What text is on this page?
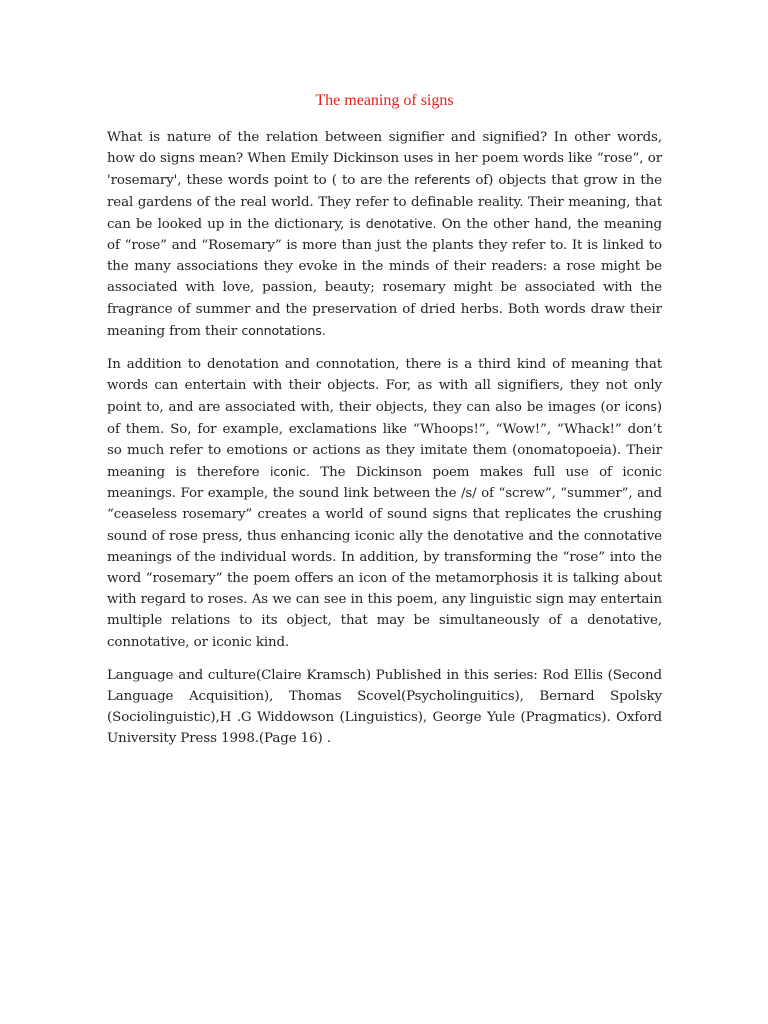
The meaning of signs

What is nature of the relation between signifier and signified? In other words, how do signs mean? When Emily Dickinson uses in her poem words like “rose”, or 'rosemary', these words point to ( to are the referents of) objects that grow in the real gardens of the real world. They refer to definable reality. Their meaning, that can be looked up in the dictionary, is denotative. On the other hand, the meaning of “rose” and “Rosemary” is more than just the plants they refer to. It is linked to the many associations they evoke in the minds of their readers: a rose might be associated with love, passion, beauty; rosemary might be associated with the fragrance of summer and the preservation of dried herbs. Both words draw their meaning from their connotations.

In addition to denotation and connotation, there is a third kind of meaning that words can entertain with their objects. For, as with all signifiers, they not only point to, and are associated with, their objects, they can also be images (or icons) of them. So, for example, exclamations like “Whoops!”, “Wow!”, “Whack!” don’t so much refer to emotions or actions as they imitate them (onomatopoeia). Their meaning is therefore iconic. The Dickinson poem makes full use of iconic meanings. For example, the sound link between the /s/ of “screw”, “summer”, and “ceaseless rosemary” creates a world of sound signs that replicates the crushing sound of rose press, thus enhancing iconic ally the denotative and the connotative meanings of the individual words. In addition, by transforming the “rose” into the word “rosemary” the poem offers an icon of the metamorphosis it is talking about with regard to roses. As we can see in this poem, any linguistic sign may entertain multiple relations to its object, that may be simultaneously of a denotative, connotative, or iconic kind.

Language and culture(Claire Kramsch) Published in this series: Rod Ellis (Second Language Acquisition), Thomas Scovel(Psycholinguitics), Bernard Spolsky (Sociolinguistic),H .G Widdowson (Linguistics), George Yule (Pragmatics). Oxford University Press 1998.(Page 16) .
